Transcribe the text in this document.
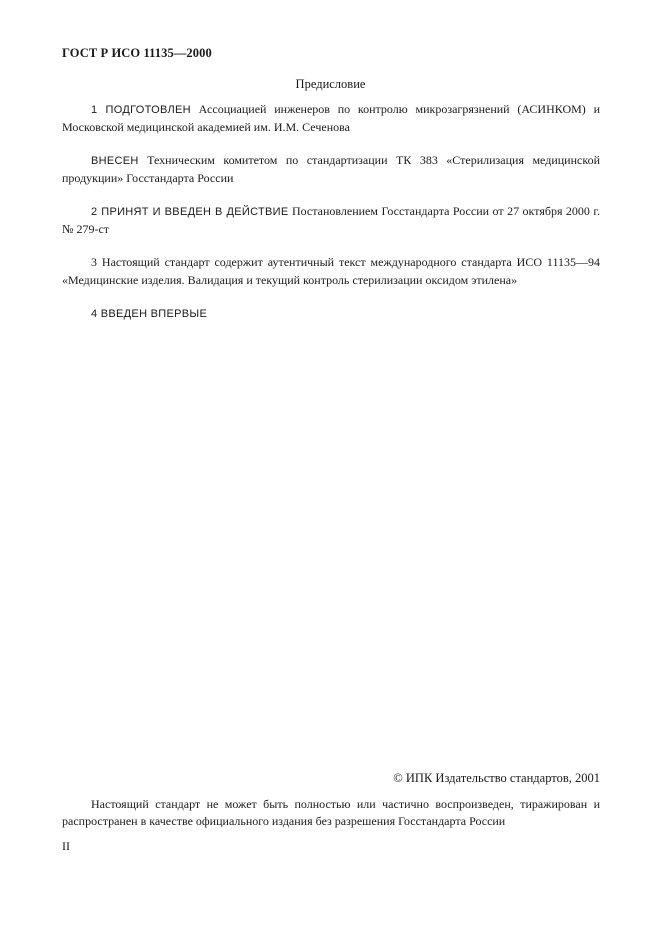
ГОСТ Р ИСО 11135—2000
Предисловие

1 ПОДГОТОВЛЕН Ассоциацией инженеров по контролю микрозагрязнений (АСИНКОМ) и Московской медицинской академией им. И.М. Сеченова

ВНЕСЕН Техническим комитетом по стандартизации ТК 383 «Стерилизация медицинской продукции» Госстандарта России

2 ПРИНЯТ И ВВЕДЕН В ДЕЙСТВИЕ Постановлением Госстандарта России от 27 октября 2000 г. № 279-ст

3 Настоящий стандарт содержит аутентичный текст международного стандарта ИСО 11135—94 «Медицинские изделия. Валидация и текущий контроль стерилизации оксидом этилена»

4 ВВЕДЕН ВПЕРВЫЕ

© ИПК Издательство стандартов, 2001

Настоящий стандарт не может быть полностью или частично воспроизведен, тиражирован и распространен в качестве официального издания без разрешения Госстандарта России

II
